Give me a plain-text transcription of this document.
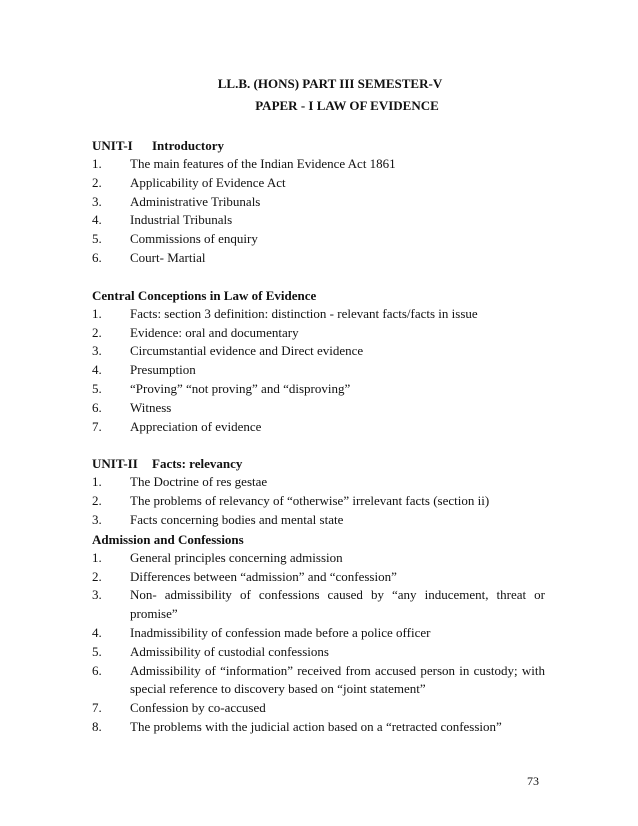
LL.B. (HONS) PART III SEMESTER-V
PAPER - I LAW OF EVIDENCE
UNIT-I Introductory
1.	The main features of the Indian Evidence Act 1861
2.	Applicability of Evidence Act
3.	Administrative Tribunals
4.	Industrial Tribunals
5.	Commissions of enquiry
6.	Court- Martial
Central Conceptions in Law of Evidence
1.	Facts: section 3 definition: distinction - relevant facts/facts in issue
2.	Evidence: oral and documentary
3.	Circumstantial evidence and Direct evidence
4.	Presumption
5.	“Proving” “not proving” and “disproving”
6.	Witness
7.	Appreciation of evidence
UNIT-II Facts: relevancy
1.	The Doctrine of res gestae
2.	The problems of relevancy of “otherwise” irrelevant facts (section ii)
3.	Facts concerning bodies and mental state
Admission and Confessions
1.	General principles concerning admission
2.	Differences between “admission” and “confession”
3.	Non- admissibility of confessions caused by “any inducement, threat or promise”
4.	Inadmissibility of confession made before a police officer
5.	Admissibility of custodial confessions
6.	Admissibility of “information” received from accused person in custody; with special reference to discovery based on “joint statement”
7.	Confession by co-accused
8.	The problems with the judicial action based on a “retracted confession”
73
